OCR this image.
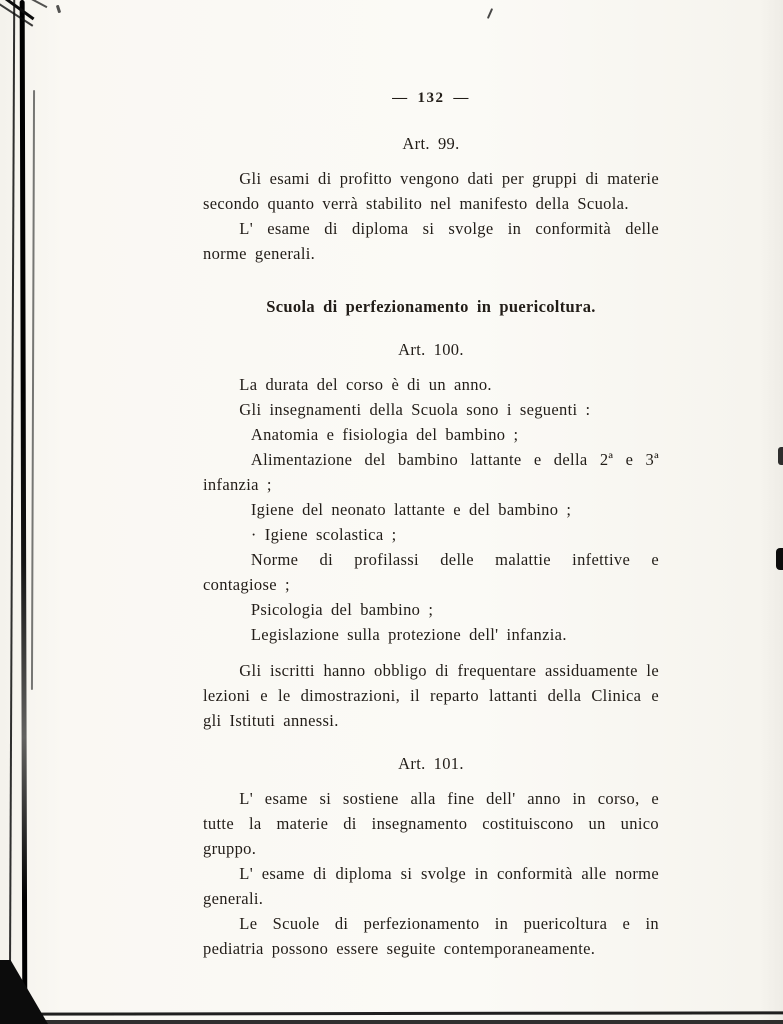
— 132 —
Art. 99.

Gli esami di profitto vengono dati per gruppi di materie secondo quanto verrà stabilito nel manifesto della Scuola.

L' esame di diploma si svolge in conformità delle norme generali.

Scuola di perfezionamento in puericoltura.
Art. 100.

La durata del corso è di un anno.

Gli insegnamenti della Scuola sono i seguenti :

Anatomia e fisiologia del bambino ;

Alimentazione del bambino lattante e della 2ª e 3ª infanzia ;

Igiene del neonato lattante e del bambino ;

· Igiene scolastica ;

Norme di profilassi delle malattie infettive e contagiose ;

Psicologia del bambino ;

Legislazione sulla protezione dell' infanzia.

Gli iscritti hanno obbligo di frequentare assiduamente le lezioni e le dimostrazioni, il reparto lattanti della Clinica e gli Istituti annessi.

Art. 101.

L' esame si sostiene alla fine dell' anno in corso, e tutte la materie di insegnamento costituiscono un unico gruppo.

L' esame di diploma si svolge in conformità alle norme generali.

Le Scuole di perfezionamento in puericoltura e in pediatria possono essere seguite contemporaneamente.
